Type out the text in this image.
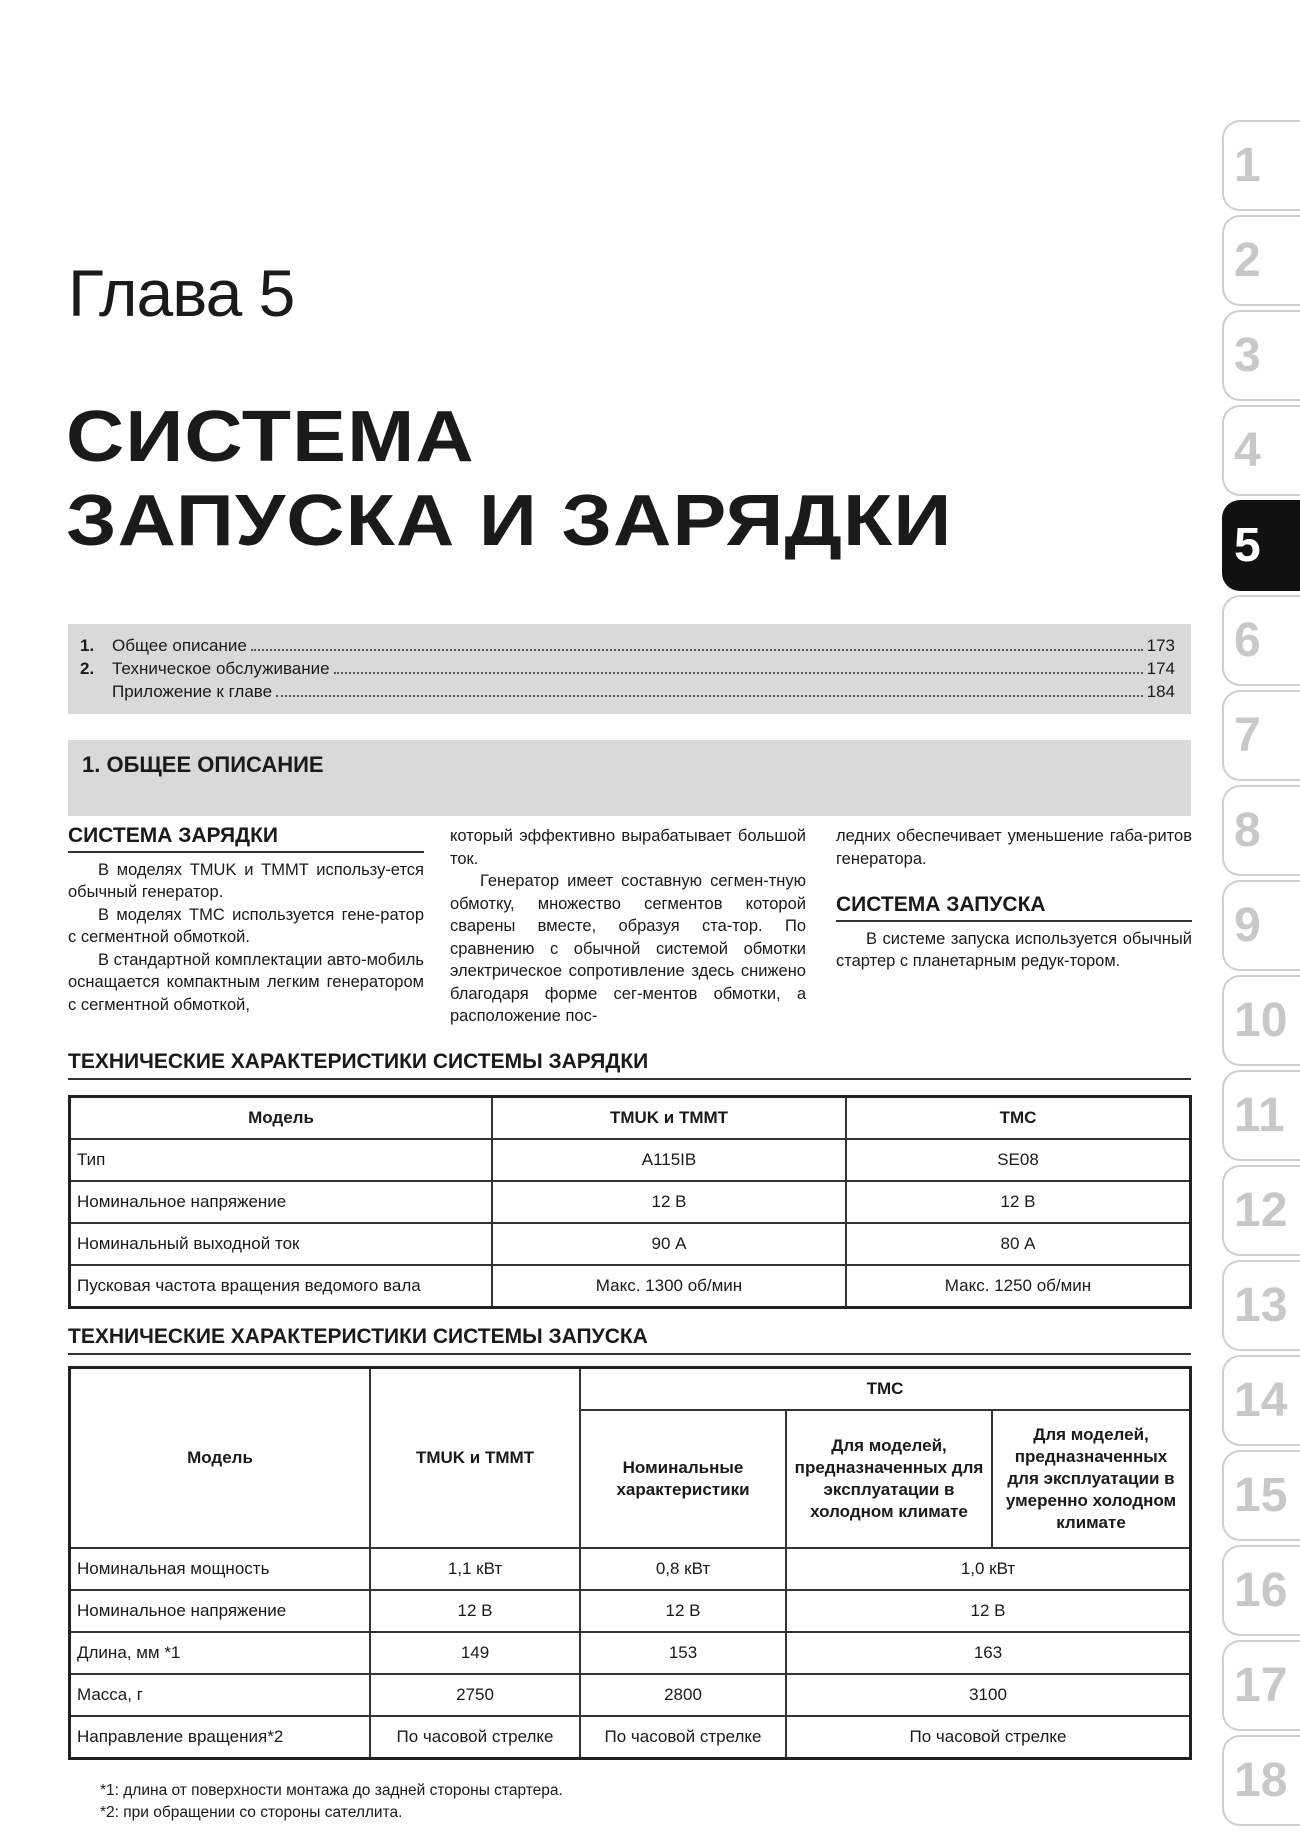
Глава 5
СИСТЕМА
ЗАПУСКА И ЗАРЯДКИ
1.	Общее описание	173
2.	Техническое обслуживание	174
Приложение к главе	184
1. ОБЩЕЕ ОПИСАНИЕ
СИСТЕМА ЗАРЯДКИ

В моделях TMUK и TMMT использу-ется обычный генератор.

В моделях TMC используется гене-ратор с сегментной обмоткой.

В стандартной комплектации авто-мобиль оснащается компактным легким генератором с сегментной обмоткой,

который эффективно вырабатывает большой ток.

Генератор имеет составную сегмен-тную обмотку, множество сегментов которой сварены вместе, образуя ста-тор. По сравнению с обычной системой обмотки электрическое сопротивление здесь снижено благодаря форме сег-ментов обмотки, а расположение пос-

ледних обеспечивает уменьшение габа-ритов генератора.

СИСТЕМА ЗАПУСКА

В системе запуска используется обычный стартер с планетарным редук-тором.

ТЕХНИЧЕСКИЕ ХАРАКТЕРИСТИКИ СИСТЕМЫ ЗАРЯДКИ
Модель	TMUK и TMMT	TMC
Тип	A115IB	SE08
Номинальное напряжение	12 В	12 В
Номинальный выходной ток	90 А	80 А
Пусковая частота вращения ведомого вала	Макс. 1300 об/мин	Макс. 1250 об/мин
ТЕХНИЧЕСКИЕ ХАРАКТЕРИСТИКИ СИСТЕМЫ ЗАПУСКА
Модель	TMUK и TMMT	TMC		
		Номинальные характеристики	Для моделей, предназначенных для эксплуатации в холодном климате	Для моделей, предназначенных для эксплуатации в умеренно холодном климате
Номинальная мощность	1,1 кВт	0,8 кВт	1,0 кВт	
Номинальное напряжение	12 В	12 В	12 В	
Длина, мм *1	149	153	163	
Масса, г	2750	2800	3100	
Направление вращения*2	По часовой стрелке	По часовой стрелке	По часовой стрелке	
*1: длина от поверхности монтажа до задней стороны стартера.
*2: при обращении со стороны сателлита.
1
2
3
4
5
6
7
8
9
10
11
12
13
14
15
16
17
18
